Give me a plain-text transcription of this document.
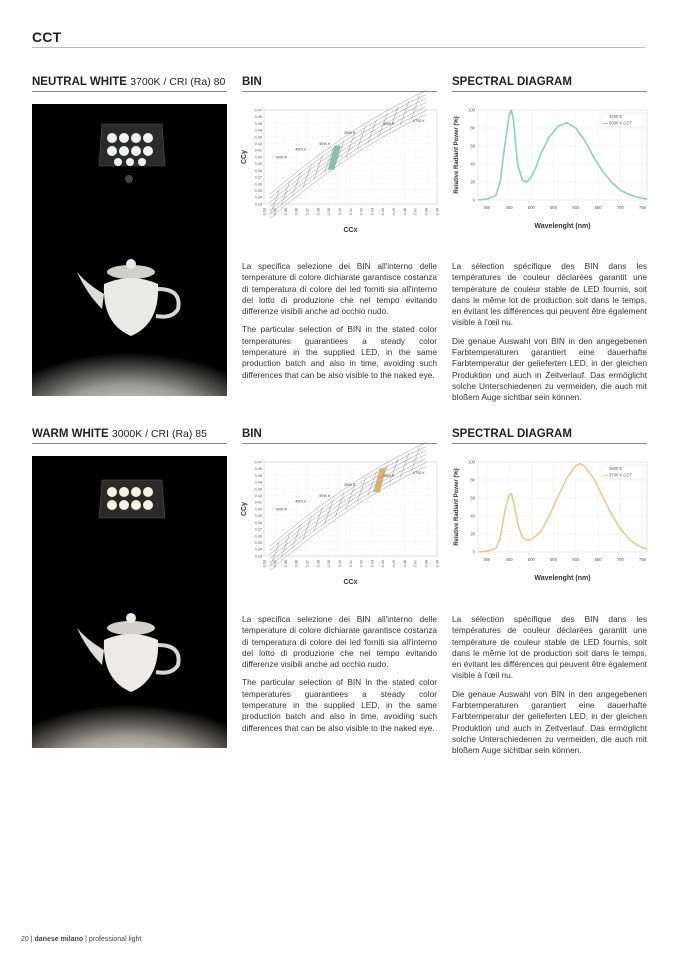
CCT
NEUTRAL WHITE 3700K / CRI (Ra) 80 BIN	SPECTRAL DIAGRAM
0.33 0.34 0.35 0.36 0.37 0.38 0.39 0.40 0.41 0.42 0.43 0.44 0.45 0.46 0.47 0.48 0.49
0.47
0.46
0.45
0.44
0.43
0.42
0.41
0.40
0.39
0.38
0.37
0.36
0.35
0.34
0.33
3000 K
2700 K
3500 K
4000 K
4500 K
5000 K
CCx
CCy
400	450	500	550	600	650	700	750
0
20
40
60
80
100
3700 K
5000 K CCT
Wavelenght (nm)
Relative Radiant Power (%)

La specifica selezione dei BIN all'interno delle temperature di colore dichiarate garantisce costanza di temperatura di colore dei led forniti sia all'interno del lotto di produzione che nel tempo evitando differenze visibili anche ad occhio nudo.

The particular selection of BIN in the stated color temperatures guarantiees a steady color temperature in the supplied LED, in the same production batch and also in time, avoiding such differences that can be also visible to the naked eye.

La sélection spécifique des BIN dans les températures de couleur déclarées garantit une température de couleur stable de LED fournis, soit dans le même lot de production soit dans le temps, en évitant les différences qui peuvent être également visible à l'œil nu.

Die genaue Auswahl von BIN in den angegebenen Farbtemperaturen garantiert eine dauerhafte Farbtemperatur der gelieferten LED, in der gleichen Produktion und auch in Zeitverlauf. Das ermöglicht solche Unterschiedenen zu vermeiden, die auch mit bloßem Auge sichtbar sein können.

WARM WHITE 3000K / CRI (Ra) 85	BIN	SPECTRAL DIAGRAM
0.33 0.34 0.35 0.36 0.37 0.38 0.39 0.40 0.41 0.42 0.43 0.44 0.45 0.46 0.47 0.48 0.49
0.47
0.46
0.45
0.44
0.43
0.42
0.41
0.40
0.39
0.38
0.37
0.36
0.35
0.34
0.33
3000 K
2700 K
3500 K
4000 K
4500 K
5000 K
CCx
CCy
400	450	500	550	600	650	700	750
0
20
40
60
80
100
2600 K
3700 K CCT
Wavelenght (nm)
Relative Radiant Power (%)

La specifica selezione dei BIN all'interno delle temperature di colore dichiarate garantisce costanza di temperatura di colore dei led forniti sia all'interno del lotto di produzione che nel tempo evitando differenze visibili anche ad occhio nudo.

The particular selection of BIN in the stated color temperatures guarantiees a steady color temperature in the supplied LED, in the same production batch and also in time, avoiding such differences that can be also visible to the naked eye.

La sélection spécifique des BIN dans les températures de couleur déclarées garantit une température de couleur stable de LED fournis, soit dans le même lot de production soit dans le temps, en évitant les différences qui peuvent être également visible à l'œil nu.

Die genaue Auswahl von BIN in den angegebenen Farbtemperaturen garantiert eine dauerhafte Farbtemperatur der gelieferten LED, in der gleichen Produktion und auch in Zeitverlauf. Das ermöglicht solche Unterschiedenen zu vermeiden, die auch mit bloßem Auge sichtbar sein können.

20 | danese milano | professional light
